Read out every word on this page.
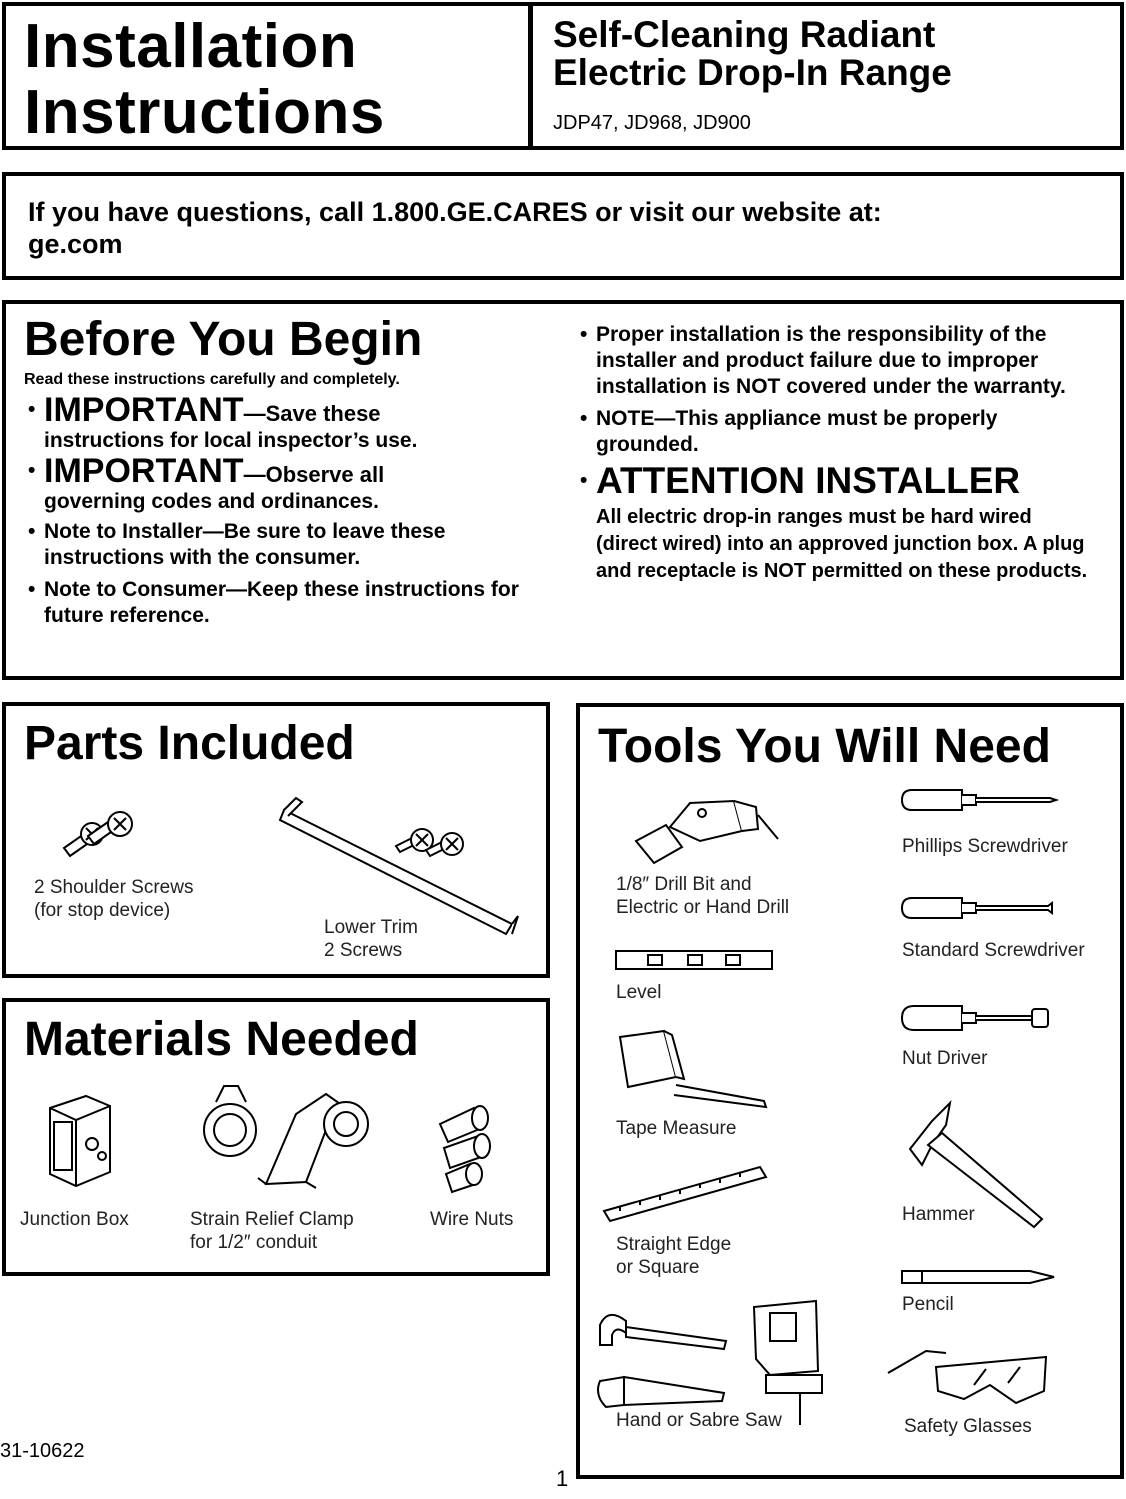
Installation
Instructions
Self-Cleaning Radiant
Electric Drop-In Range
JDP47, JD968, JD900
If you have questions, call 1.800.GE.CARES or visit our website at:
ge.com
Before You Begin
Read these instructions carefully and completely.
• IMPORTANT—Save these
instructions for local inspector’s use.
• IMPORTANT—Observe all
governing codes and ordinances.
• Note to Installer—Be sure to leave these instructions with the consumer.
• Note to Consumer—Keep these instructions for future reference.
• Proper installation is the responsibility of the installer and product failure due to improper installation is NOT covered under the warranty.
• NOTE—This appliance must be properly grounded.
• ATTENTION INSTALLER
All electric drop-in ranges must be hard wired (direct wired) into an approved junction box. A plug and receptacle is NOT permitted on these products.
Parts Included
2 Shoulder Screws
(for stop device)
Lower Trim
2 Screws
Materials Needed
Junction Box	Strain Relief Clamp
for 1/2″ conduit
Wire Nuts
Tools You Will Need
1/8″ Drill Bit and
Electric or Hand Drill
Level
Tape Measure
Straight Edge
or Square
Hand or Sabre Saw
Phillips Screwdriver
Standard Screwdriver
Nut Driver
Hammer
Pencil
Safety Glasses
31-10622
1
